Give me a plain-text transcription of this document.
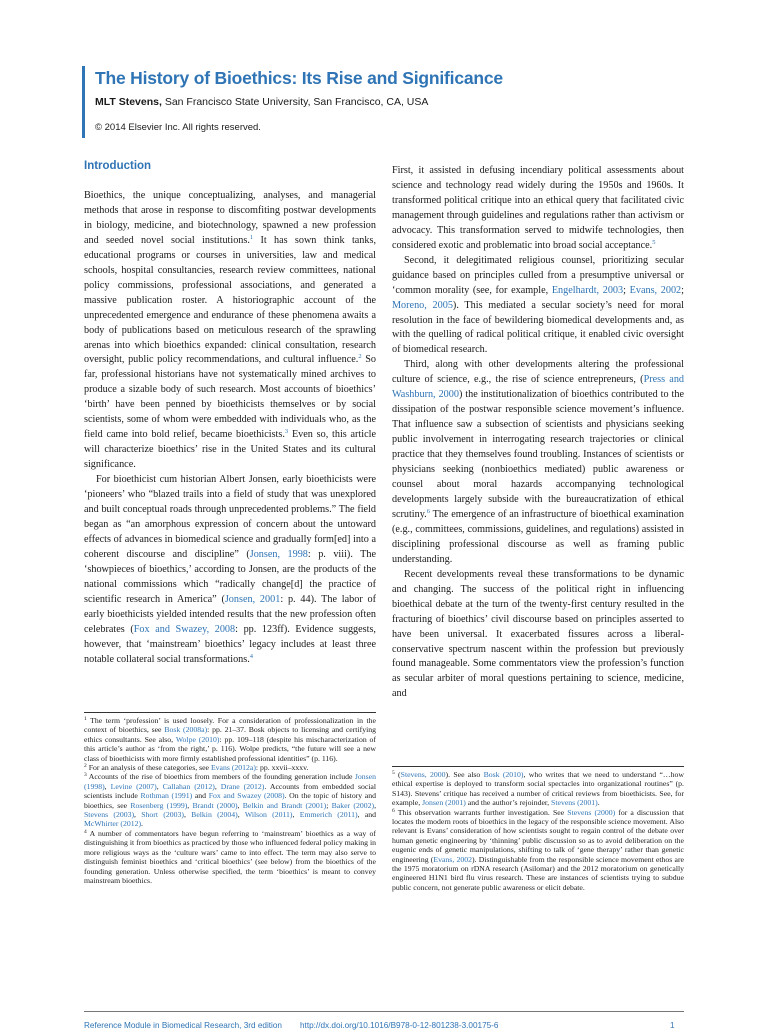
The History of Bioethics: Its Rise and Significance
MLT Stevens, San Francisco State University, San Francisco, CA, USA
© 2014 Elsevier Inc. All rights reserved.
Introduction

Bioethics, the unique conceptualizing, analyses, and managerial methods that arose in response to discomfiting postwar developments in biology, medicine, and biotechnology, spawned a new profession and seeded novel social institutions.$^1$ It has sown think tanks, educational programs or courses in universities, law and medical schools, hospital consultancies, research review committees, national policy commissions, professional associations, and generated a massive publication roster. A historiographic account of the unprecedented emergence and endurance of these phenomena awaits a body of publications based on meticulous research of the sprawling arenas into which bioethics expanded: clinical consultation, research oversight, public policy recommendations, and cultural influence.$^2$ So far, professional historians have not systematically mined archives to produce a sizable body of such research. Most accounts of bioethics’ ‘birth’ have been penned by bioethicists themselves or by social scientists, some of whom were embedded with individuals who, as the field came into bold relief, became bioethicists.$^3$ Even so, this article will characterize bioethics’ rise in the United States and its cultural significance.

For bioethicist cum historian Albert Jonsen, early bioethicists were ‘pioneers’ who “blazed trails into a field of study that was unexplored and built conceptual roads through unprecedented problems.” The field began as “an amorphous expression of concern about the untoward effects of advances in biomedical science and gradually form[ed] into a coherent discourse and discipline” (Jonsen, 1998: p. viii). The ‘showpieces of bioethics,’ according to Jonsen, are the products of the national commissions which “radically change[d] the practice of scientific research in America” (Jonsen, 2001: p. 44). The labor of early bioethicists yielded intended results that the new profession often celebrates (Fox and Swazey, 2008: pp. 123ff). Evidence suggests, however, that ‘mainstream’ bioethics’ legacy includes at least three notable collateral social transformations.$^4$

First, it assisted in defusing incendiary political assessments about science and technology read widely during the 1950s and 1960s. It transformed political critique into an ethical query that facilitated civic management through guidelines and regulations rather than activism or advocacy. This transformation served to midwife technologies, then considered exotic and problematic into broad social acceptance.$^5$

Second, it delegitimated religious counsel, prioritizing secular guidance based on principles culled from a presumptive universal or ‘common morality (see, for example, Engelhardt, 2003; Evans, 2002; Moreno, 2005). This mediated a secular society’s need for moral resolution in the face of bewildering biomedical developments and, as with the quelling of radical political critique, it enabled civic oversight of biomedical research.

Third, along with other developments altering the professional culture of science, e.g., the rise of science entrepreneurs, (Press and Washburn, 2000) the institutionalization of bioethics contributed to the dissipation of the postwar responsible science movement’s influence. That influence saw a subsection of scientists and physicians seeking public involvement in interrogating research trajectories or clinical practice that they themselves found troubling. Instances of scientists or physicians seeking (nonbioethics mediated) public awareness or counsel about moral hazards accompanying technological developments largely subside with the bureaucratization of ethical scrutiny.$^6$ The emergence of an infrastructure of bioethical examination (e.g., committees, commissions, guidelines, and regulations) assisted in disciplining professional discourse as well as framing public understanding.

Recent developments reveal these transformations to be dynamic and changing. The success of the political right in influencing bioethical debate at the turn of the twenty-first century resulted in the fracturing of bioethics’ civil discourse based on principles asserted to have been universal. It exacerbated fissures across a liberal-conservative spectrum nascent within the profession but previously found manageable. Some commentators view the profession’s function as secular arbiter of moral questions pertaining to science, medicine, and

$^1$ The term ‘profession’ is used loosely. For a consideration of professionalization in the context of bioethics, see Bosk (2008a): pp. 21–37. Bosk objects to licensing and certifying ethics consultants. See also, Wolpe (2010): pp. 109–118 (despite his mischaracterization of this article’s author as ‘from the right,’ p. 116). Wolpe predicts, “the future will see a new class of bioethicists with more firmly established professional identities” (p. 116).

$^2$ For an analysis of these categories, see Evans (2012a): pp. xxvii–xxxv.

$^3$ Accounts of the rise of bioethics from members of the founding generation include Jonsen (1998), Levine (2007), Callahan (2012), Drane (2012). Accounts from embedded social scientists include Rothman (1991) and Fox and Swazey (2008). On the topic of history and bioethics, see Rosenberg (1999), Brandt (2000), Belkin and Brandt (2001); Baker (2002), Stevens (2003), Short (2003), Belkin (2004), Wilson (2011), Emmerich (2011), and McWhirter (2012).

$^4$ A number of commentators have begun referring to ‘mainstream’ bioethics as a way of distinguishing it from bioethics as practiced by those who influenced federal policy making in more religious ways as the ‘culture wars’ came to into effect. The term may also serve to distinguish feminist bioethics and ‘critical bioethics’ (see below) from the bioethics of the founding generation. Unless otherwise specified, the term ‘bioethics’ is meant to convey mainstream bioethics.

$^5$ (Stevens, 2000). See also Bosk (2010), who writes that we need to understand “…how ethical expertise is deployed to transform social spectacles into organizational routines” (p. S143). Stevens’ critique has received a number of critical reviews from bioethicists. See, for example, Jonsen (2001) and the author’s rejoinder, Stevens (2001).

$^6$ This observation warrants further investigation. See Stevens (2000) for a discussion that locates the modern roots of bioethics in the legacy of the responsible science movement. Also relevant is Evans’ consideration of how scientists sought to regain control of the debate over human genetic engineering by ‘thinning’ public discussion so as to avoid deliberation on the eugenic ends of genetic manipulations, shifting to talk of ‘gene therapy’ rather than genetic engineering (Evans, 2002). Distinguishable from the responsible science movement ethos are the 1975 moratorium on rDNA research (Asilomar) and the 2012 moratorium on genetically engineered H1N1 bird flu virus research. These are instances of scientists trying to subdue public concern, not generate public awareness or elicit debate.

Reference Module in Biomedical Research, 3rd edition http://dx.doi.org/10.1016/B978-0-12-801238-3.00175-6	1
